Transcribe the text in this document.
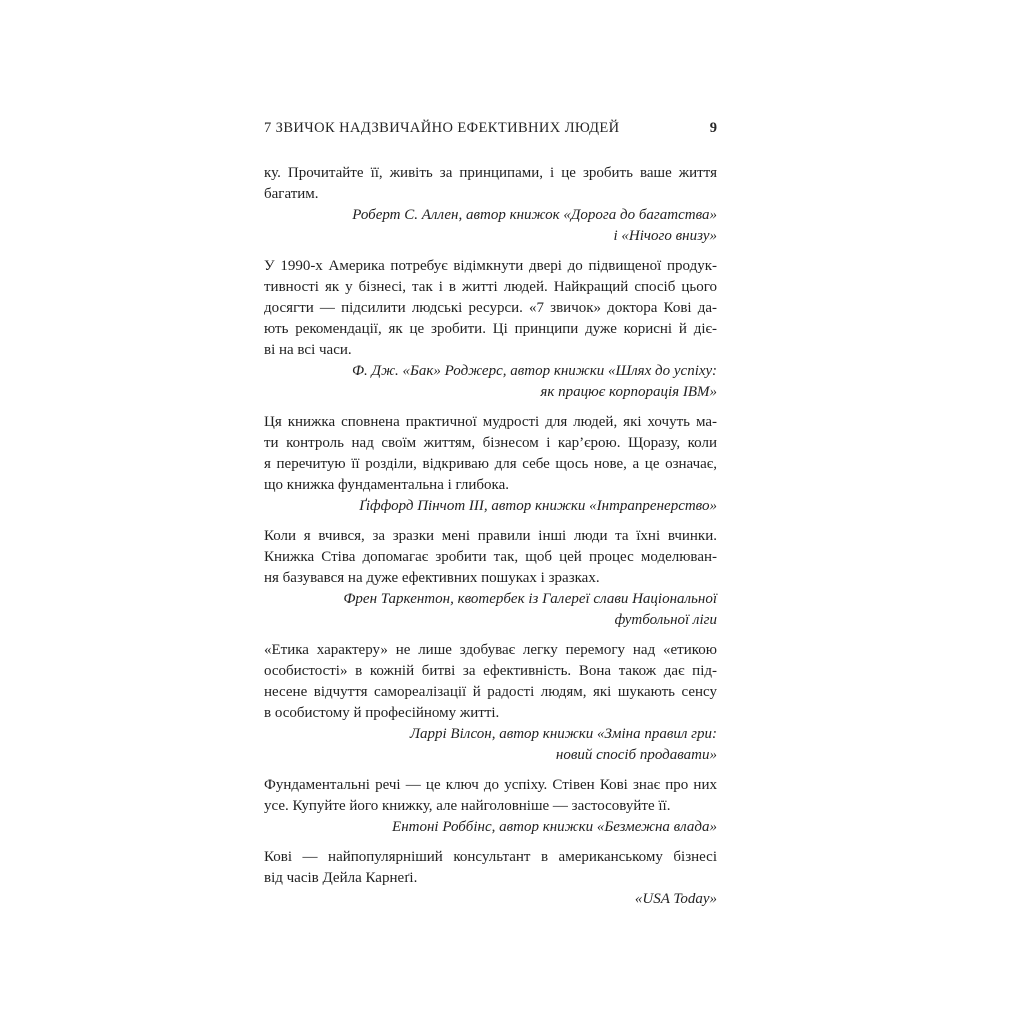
7 ЗВИЧОК НАДЗВИЧАЙНО ЕФЕКТИВНИХ ЛЮДЕЙ	9
ку. Прочитайте її, живіть за принципами, і це зробить ваше життя
багатим.
Роберт С. Аллен, автор книжок «Дорога до багатства»
і «Нічого внизу»
У 1990-х Америка потребує відімкнути двері до підвищеної продук-
тивності як у бізнесі, так і в житті людей. Найкращий спосіб цього
досягти — підсилити людські ресурси. «7 звичок» доктора Кові да-
ють рекомендації, як це зробити. Ці принципи дуже корисні й діє-
ві на всі часи.
Ф. Дж. «Бак» Роджерс, автор книжки «Шлях до успіху:
як працює корпорація IBM»
Ця книжка сповнена практичної мудрості для людей, які хочуть ма-
ти контроль над своїм життям, бізнесом і кар’єрою. Щоразу, коли
я перечитую її розділи, відкриваю для себе щось нове, а це означає,
що книжка фундаментальна і глибока.
Ґіффорд Пінчот III, автор книжки «Інтрапренерство»
Коли я вчився, за зразки мені правили інші люди та їхні вчинки.
Книжка Стіва допомагає зробити так, щоб цей процес моделюван-
ня базувався на дуже ефективних пошуках і зразках.
Френ Таркентон, квотербек із Галереї слави Національної
футбольної ліги
«Етика характеру» не лише здобуває легку перемогу над «етикою
особистості» в кожній битві за ефективність. Вона також дає під-
несене відчуття самореалізації й радості людям, які шукають сенсу
в особистому й професійному житті.
Ларрі Вілсон, автор книжки «Зміна правил гри:
новий спосіб продавати»
Фундаментальні речі — це ключ до успіху. Стівен Кові знає про них
усе. Купуйте його книжку, але найголовніше — застосовуйте її.
Ентоні Роббінс, автор книжки «Безмежна влада»
Кові — найпопулярніший консультант в американському бізнесі
від часів Дейла Карнеґі.
«USA Today»
